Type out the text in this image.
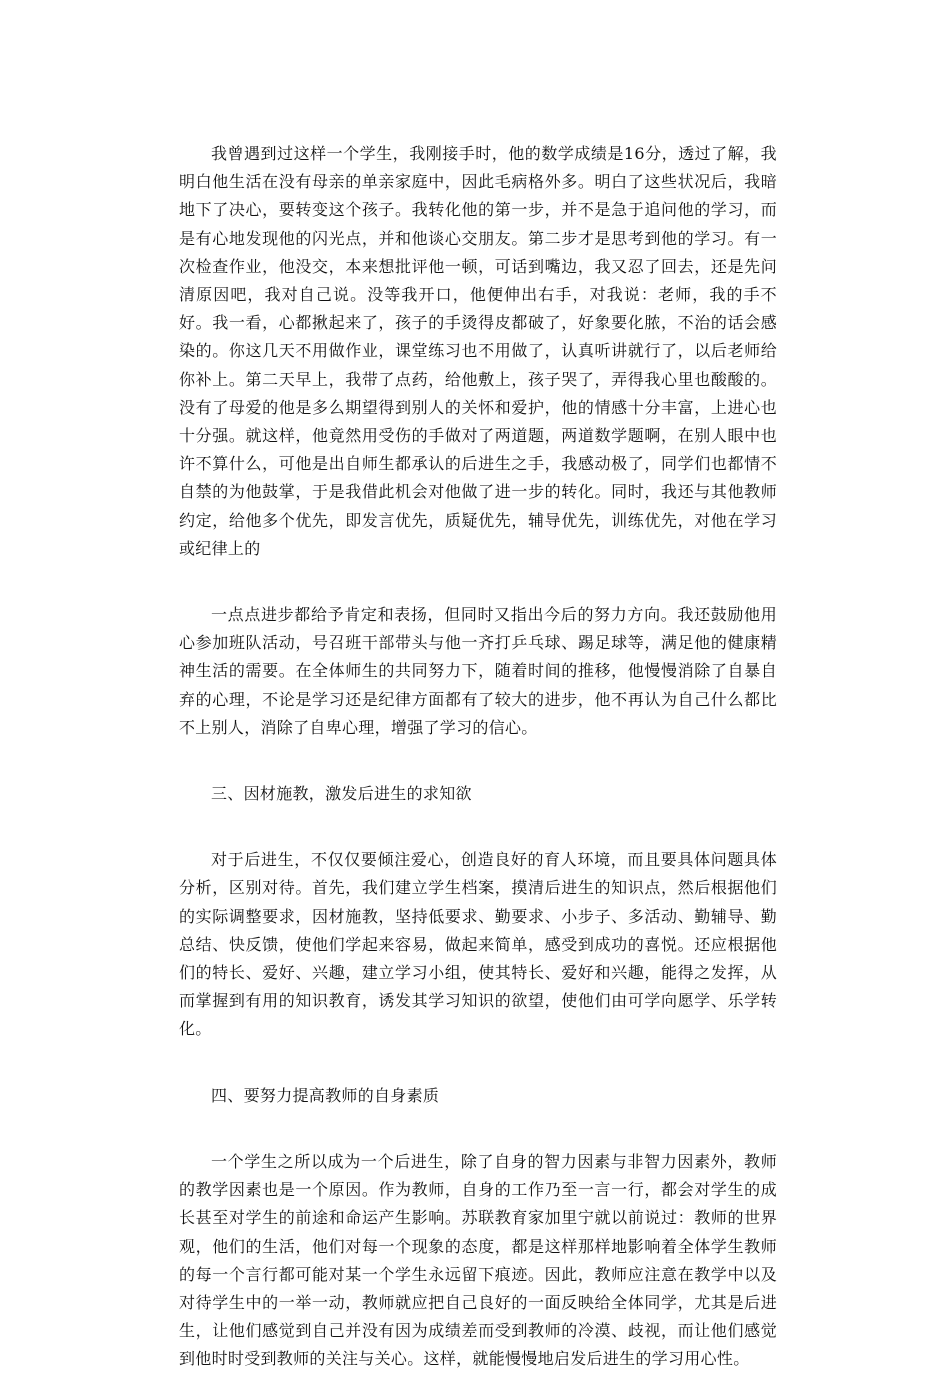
我曾遇到过这样一个学生，我刚接手时，他的数学成绩是16分，透过了解，我明白他生活在没有母亲的单亲家庭中，因此毛病格外多。明白了这些状况后，我暗地下了决心，要转变这个孩子。我转化他的第一步，并不是急于追问他的学习，而是有心地发现他的闪光点，并和他谈心交朋友。第二步才是思考到他的学习。有一次检查作业，他没交，本来想批评他一顿，可话到嘴边，我又忍了回去，还是先问清原因吧，我对自己说。没等我开口，他便伸出右手，对我说：老师，我的手不好。我一看，心都揪起来了，孩子的手烫得皮都破了，好象要化脓，不治的话会感染的。你这几天不用做作业，课堂练习也不用做了，认真听讲就行了，以后老师给你补上。第二天早上，我带了点药，给他敷上，孩子哭了，弄得我心里也酸酸的。没有了母爱的他是多么期望得到别人的关怀和爱护，他的情感十分丰富，上进心也十分强。就这样，他竟然用受伤的手做对了两道题，两道数学题啊，在别人眼中也许不算什么，可他是出自师生都承认的后进生之手，我感动极了，同学们也都情不自禁的为他鼓掌，于是我借此机会对他做了进一步的转化。同时，我还与其他教师约定，给他多个优先，即发言优先，质疑优先，辅导优先，训练优先，对他在学习或纪律上的

一点点进步都给予肯定和表扬，但同时又指出今后的努力方向。我还鼓励他用心参加班队活动，号召班干部带头与他一齐打乒乓球、踢足球等，满足他的健康精神生活的需要。在全体师生的共同努力下，随着时间的推移，他慢慢消除了自暴自弃的心理，不论是学习还是纪律方面都有了较大的进步，他不再认为自己什么都比不上别人，消除了自卑心理，增强了学习的信心。

三、因材施教，激发后进生的求知欲

对于后进生，不仅仅要倾注爱心，创造良好的育人环境，而且要具体问题具体分析，区别对待。首先，我们建立学生档案，摸清后进生的知识点，然后根据他们的实际调整要求，因材施教，坚持低要求、勤要求、小步子、多活动、勤辅导、勤总结、快反馈，使他们学起来容易，做起来简单，感受到成功的喜悦。还应根据他们的特长、爱好、兴趣，建立学习小组，使其特长、爱好和兴趣，能得之发挥，从而掌握到有用的知识教育，诱发其学习知识的欲望，使他们由可学向愿学、乐学转化。

四、要努力提高教师的自身素质

一个学生之所以成为一个后进生，除了自身的智力因素与非智力因素外，教师的教学因素也是一个原因。作为教师，自身的工作乃至一言一行，都会对学生的成长甚至对学生的前途和命运产生影响。苏联教育家加里宁就以前说过：教师的世界观，他们的生活，他们对每一个现象的态度，都是这样那样地影响着全体学生教师的每一个言行都可能对某一个学生永远留下痕迹。因此，教师应注意在教学中以及对待学生中的一举一动，教师就应把自己良好的一面反映给全体同学，尤其是后进生，让他们感觉到自己并没有因为成绩差而受到教师的冷漠、歧视，而让他们感觉到他时时受到教师的关注与关心。这样，就能慢慢地启发后进生的学习用心性。
